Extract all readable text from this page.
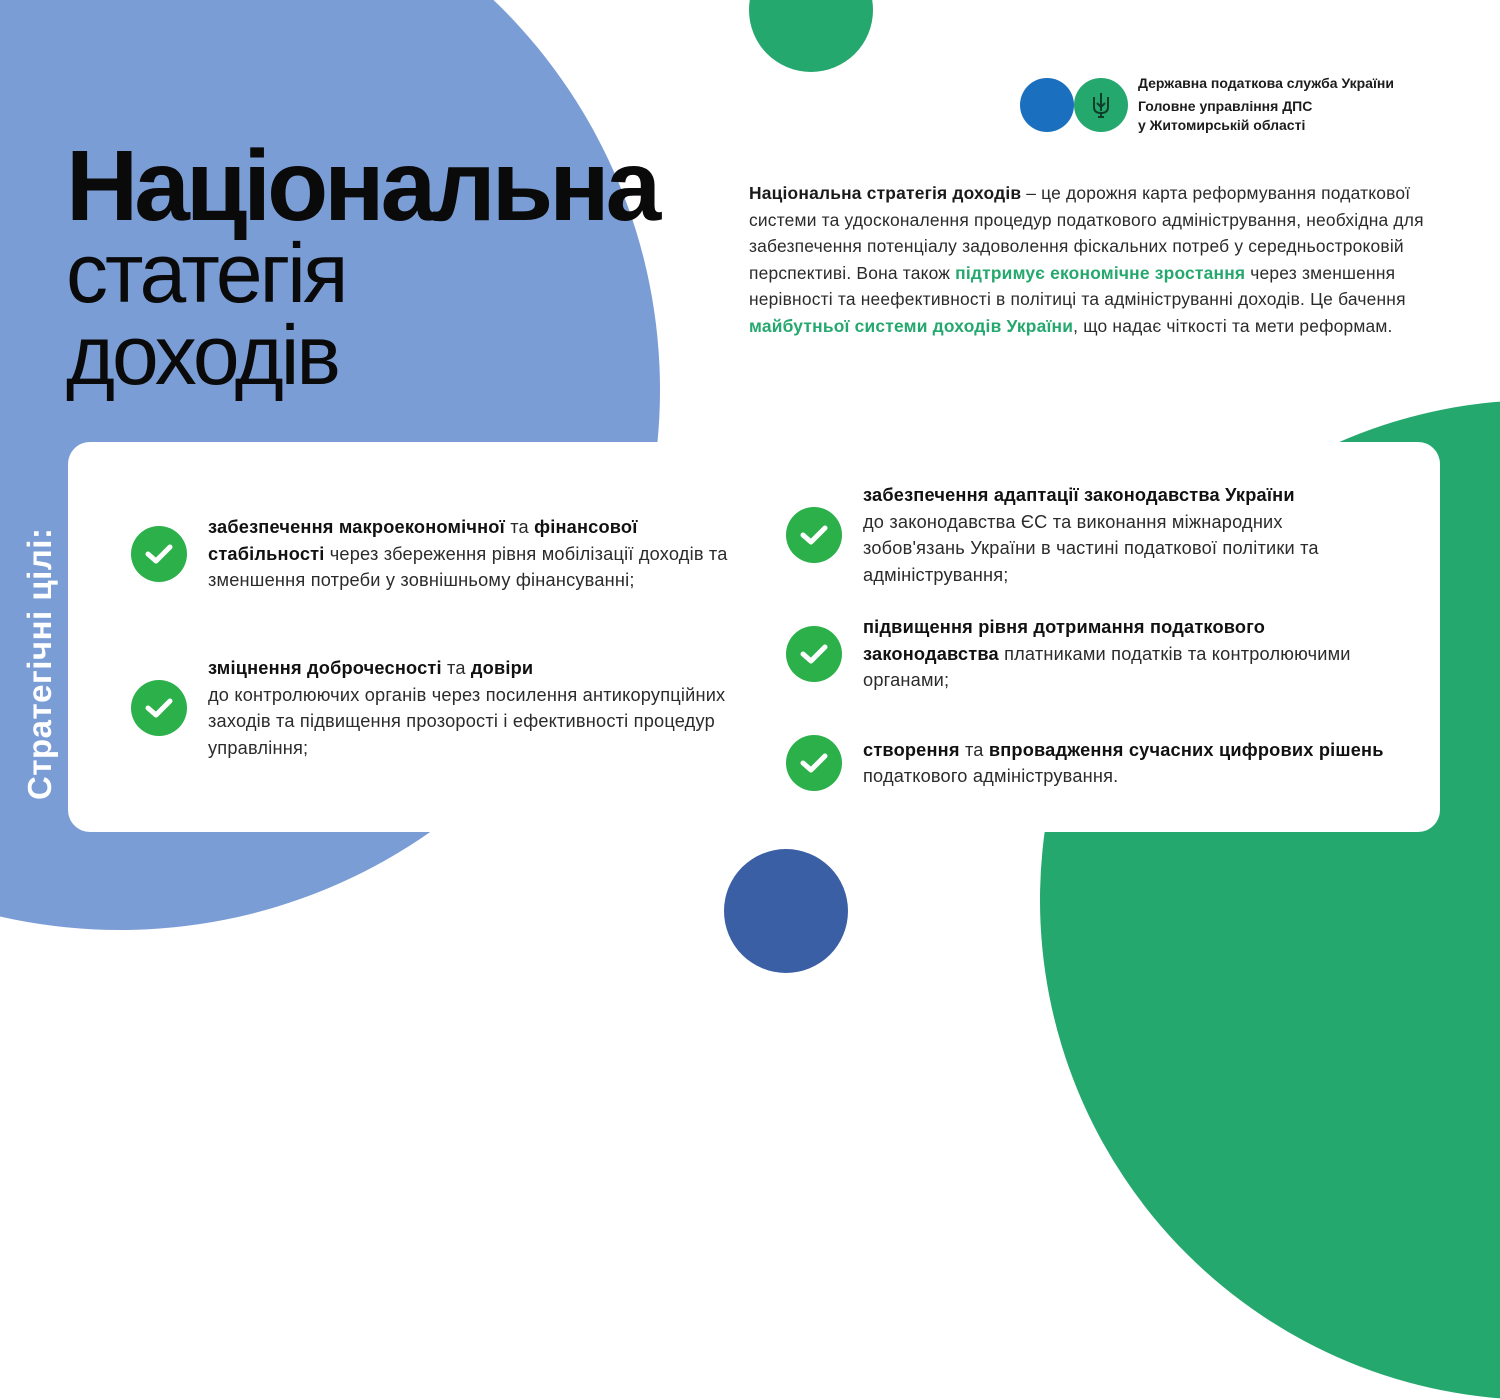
Державна податкова служба України
Головне управління ДПС
у Житомирській області
Національна
статегія
доходів
Національна стратегія доходів – це дорожня карта реформування податкової системи та удосконалення процедур податкового адміністрування, необхідна для забезпечення потенціалу задоволення фіскальних потреб у середньостроковій перспективі. Вона також підтримує економічне зростання через зменшення нерівності та неефективності в політиці та адмініструванні доходів. Це бачення майбутньої системи доходів України, що надає чіткості та мети реформам.
Стратегічні цілі:
забезпечення макроекономічної та фінансової стабільності через збереження рівня мобілізації доходів та зменшення потреби у зовнішньому фінансуванні;
зміцнення доброчесності та довіри
до контролюючих органів через посилення антикорупційних заходів та підвищення прозорості і ефективності процедур управління;
забезпечення адаптації законодавства України
до законодавства ЄС та виконання міжнародних зобов'язань України в частині податкової політики та адміністрування;
підвищення рівня дотримання податкового законодавства платниками податків та контролюючими органами;
створення та впровадження сучасних цифрових рішень податкового адміністрування.
